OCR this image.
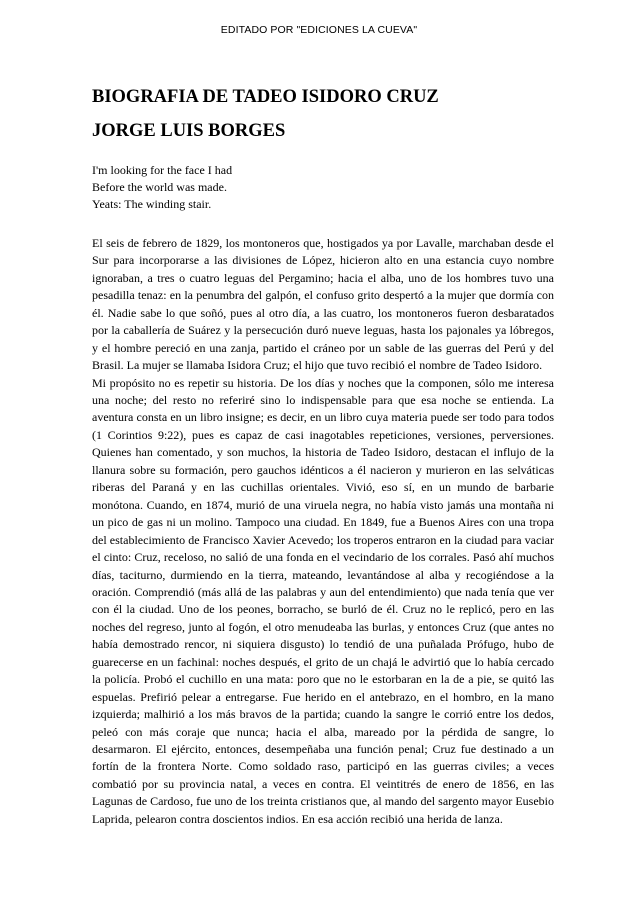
EDITADO POR "EDICIONES LA CUEVA"
BIOGRAFIA DE TADEO ISIDORO CRUZ
JORGE LUIS BORGES
I'm looking for the face I had
Before the world was made.
Yeats: The winding stair.

El seis de febrero de 1829, los montoneros que, hostigados ya por Lavalle, marchaban desde el Sur para incorporarse a las divisiones de López, hicieron alto en una estancia cuyo nombre ignoraban, a tres o cuatro leguas del Pergamino; hacia el alba, uno de los hombres tuvo una pesadilla tenaz: en la penumbra del galpón, el confuso grito despertó a la mujer que dormía con él. Nadie sabe lo que soñó, pues al otro día, a las cuatro, los montoneros fueron desbaratados por la caballería de Suárez y la persecución duró nueve leguas, hasta los pajonales ya lóbregos, y el hombre pereció en una zanja, partido el cráneo por un sable de las guerras del Perú y del Brasil. La mujer se llamaba Isidora Cruz; el hijo que tuvo recibió el nombre de Tadeo Isidoro.

Mi propósito no es repetir su historia. De los días y noches que la componen, sólo me interesa una noche; del resto no referiré sino lo indispensable para que esa noche se entienda. La aventura consta en un libro insigne; es decir, en un libro cuya materia puede ser todo para todos (1 Corintios 9:22), pues es capaz de casi inagotables repeticiones, versiones, perversiones. Quienes han comentado, y son muchos, la historia de Tadeo Isidoro, destacan el influjo de la llanura sobre su formación, pero gauchos idénticos a él nacieron y murieron en las selváticas riberas del Paraná y en las cuchillas orientales. Vivió, eso sí, en un mundo de barbarie monótona. Cuando, en 1874, murió de una viruela negra, no había visto jamás una montaña ni un pico de gas ni un molino. Tampoco una ciudad. En 1849, fue a Buenos Aires con una tropa del establecimiento de Francisco Xavier Acevedo; los troperos entraron en la ciudad para vaciar el cinto: Cruz, receloso, no salió de una fonda en el vecindario de los corrales. Pasó ahí muchos días, taciturno, durmiendo en la tierra, mateando, levantándose al alba y recogiéndose a la oración. Comprendió (más allá de las palabras y aun del entendimiento) que nada tenía que ver con él la ciudad. Uno de los peones, borracho, se burló de él. Cruz no le replicó, pero en las noches del regreso, junto al fogón, el otro menudeaba las burlas, y entonces Cruz (que antes no había demostrado rencor, ni siquiera disgusto) lo tendió de una puñalada Prófugo, hubo de guarecerse en un fachinal: noches después, el grito de un chajá le advirtió que lo había cercado la policía. Probó el cuchillo en una mata: poro que no le estorbaran en la de a pie, se quitó las espuelas. Prefirió pelear a entregarse. Fue herido en el antebrazo, en el hombro, en la mano izquierda; malhirió a los más bravos de la partida; cuando la sangre le corrió entre los dedos, peleó con más coraje que nunca; hacia el alba, mareado por la pérdida de sangre, lo desarmaron. El ejército, entonces, desempeñaba una función penal; Cruz fue destinado a un fortín de la frontera Norte. Como soldado raso, participó en las guerras civiles; a veces combatió por su provincia natal, a veces en contra. El veintitrés de enero de 1856, en las Lagunas de Cardoso, fue uno de los treinta cristianos que, al mando del sargento mayor Eusebio Laprida, pelearon contra doscientos indios. En esa acción recibió una herida de lanza.
